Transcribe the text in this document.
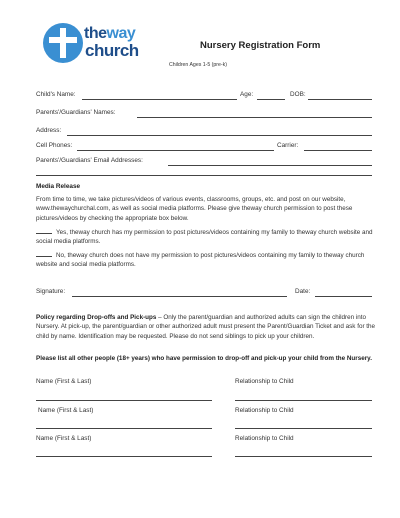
theway
church	Nursery Registration Form
Children Ages 1-5 (pre-k)
Child's Name:	Age:	DOB:
Parents'/Guardians' Names:
Address:
Cell Phones:	Carrier:
Parents'/Guardians' Email Addresses:
Media Release
From time to time, we take pictures/videos of various events, classrooms, groups, etc. and post on our website, www.thewaychurchal.com, as well as social media platforms. Please give theway church permission to post these pictures/videos by checking the appropriate box below.
Yes, theway church has my permission to post pictures/videos containing my family to theway church website and social media platforms.
No, theway church does not have my permission to post pictures/videos containing my family to theway church website and social media platforms.
Signature:	Date:
Policy regarding Drop-offs and Pick-ups – Only the parent/guardian and authorized adults can sign the children into Nursery. At pick-up, the parent/guardian or other authorized adult must present the Parent/Guardian Ticket and ask for the child by name. Identification may be requested. Please do not send siblings to pick up your children.
Please list all other people (18+ years) who have permission to drop-off and pick-up your child from the Nursery.
Name (First & Last)	Relationship to Child
Name (First & Last)	Relationship to Child
Name (First & Last)	Relationship to Child
